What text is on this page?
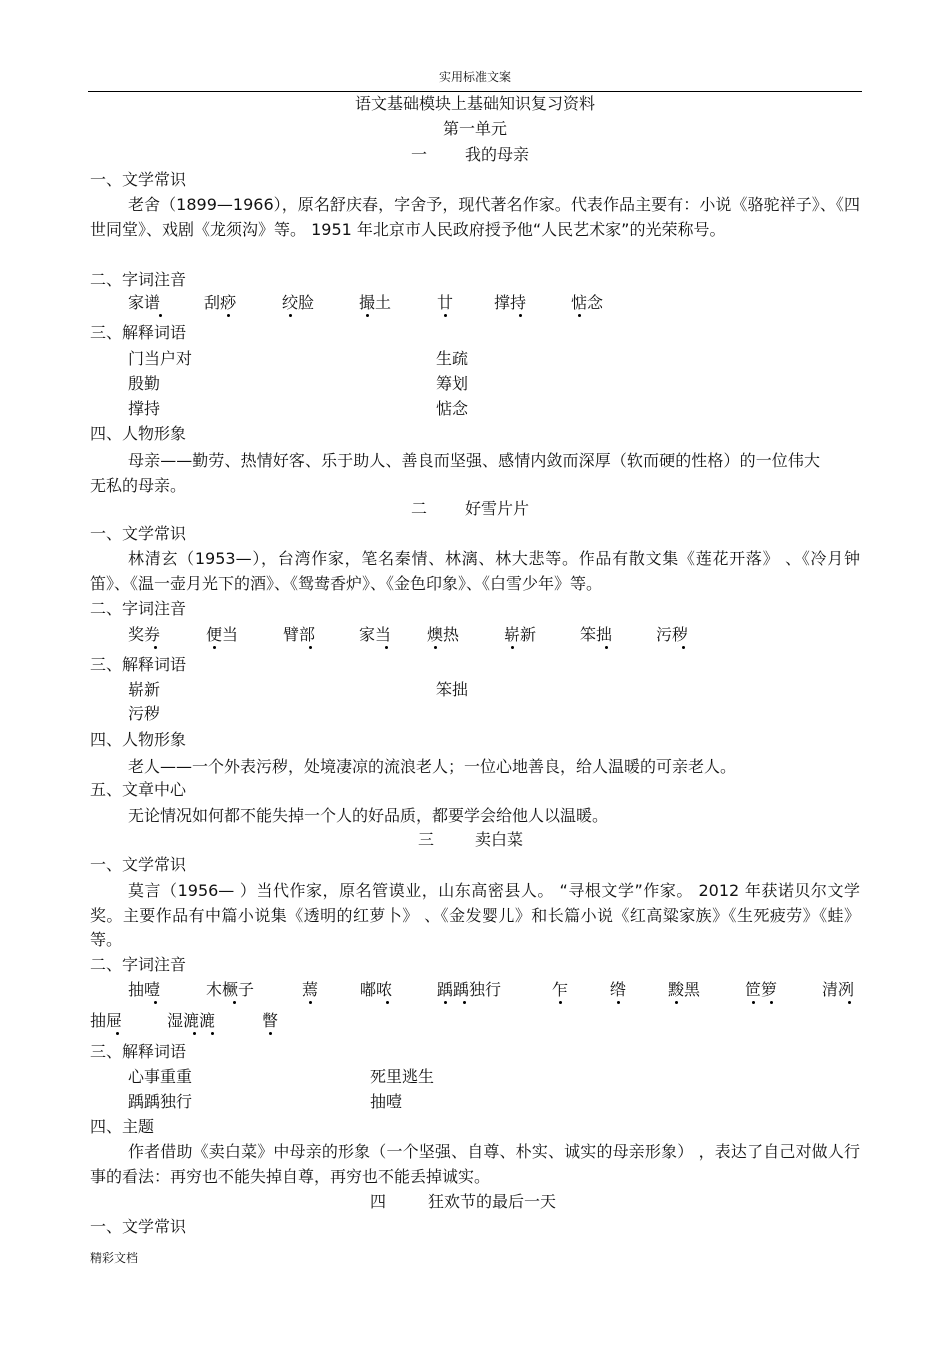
实用标准文案
语文基础模块上基础知识复习资料
第一单元
一 我的母亲
一、文学常识
老舍（1899—1966），原名舒庆春，字舍予，现代著名作家。代表作品主要有：小说《骆驼祥子》、《四世同堂》、戏剧《龙须沟》等。 1951 年北京市人民政府授予他“人民艺术家”的光荣称号。
二、字词注音
家谱	刮痧	绞脸	撮土	廿	撑持	惦念
三、解释词语
门当户对	生疏
殷勤	筹划
撑持	惦念
四、人物形象
母亲——勤劳、热情好客、乐于助人、善良而坚强、感情内敛而深厚（软而硬的性格）的一位伟大无私的母亲。
二 好雪片片
一、文学常识
林清玄（1953—），台湾作家，笔名秦情、林漓、林大悲等。作品有散文集《莲花开落》 、《冷月钟笛》、《温一壶月光下的酒》、《鸳鸯香炉》、《金色印象》、《白雪少年》等。
二、字词注音
奖券	便当	臂部	家当 燠热	崭新	笨拙	污秽
三、解释词语
崭新	笨拙
污秽
四、人物形象
老人——一个外表污秽，处境凄凉的流浪老人；一位心地善良，给人温暖的可亲老人。
五、文章中心
无论情况如何都不能失掉一个人的好品质，都要学会给他人以温暖。
三	卖白菜
一、文学常识
莫言（1956— ）当代作家，原名管谟业，山东高密县人。 “寻根文学”作家。 2012 年获诺贝尔文学奖。主要作品有中篇小说集《透明的红萝卜》 、《金发婴儿》和长篇小说《红高粱家族》《生死疲劳》《蛙》等。
二、字词注音
抽噎	木橛子	蔫	嘟哝	踽踽独行	乍	绺	黢黑	笸箩	清冽
抽屉	湿漉漉	瞥
三、解释词语
心事重重	死里逃生
踽踽独行	抽噎
四、主题
作者借助《卖白菜》中母亲的形象（一个坚强、自尊、朴实、诚实的母亲形象） ，表达了自己对做人行事的看法：再穷也不能失掉自尊，再穷也不能丢掉诚实。
四	狂欢节的最后一天
一、文学常识
精彩文档
